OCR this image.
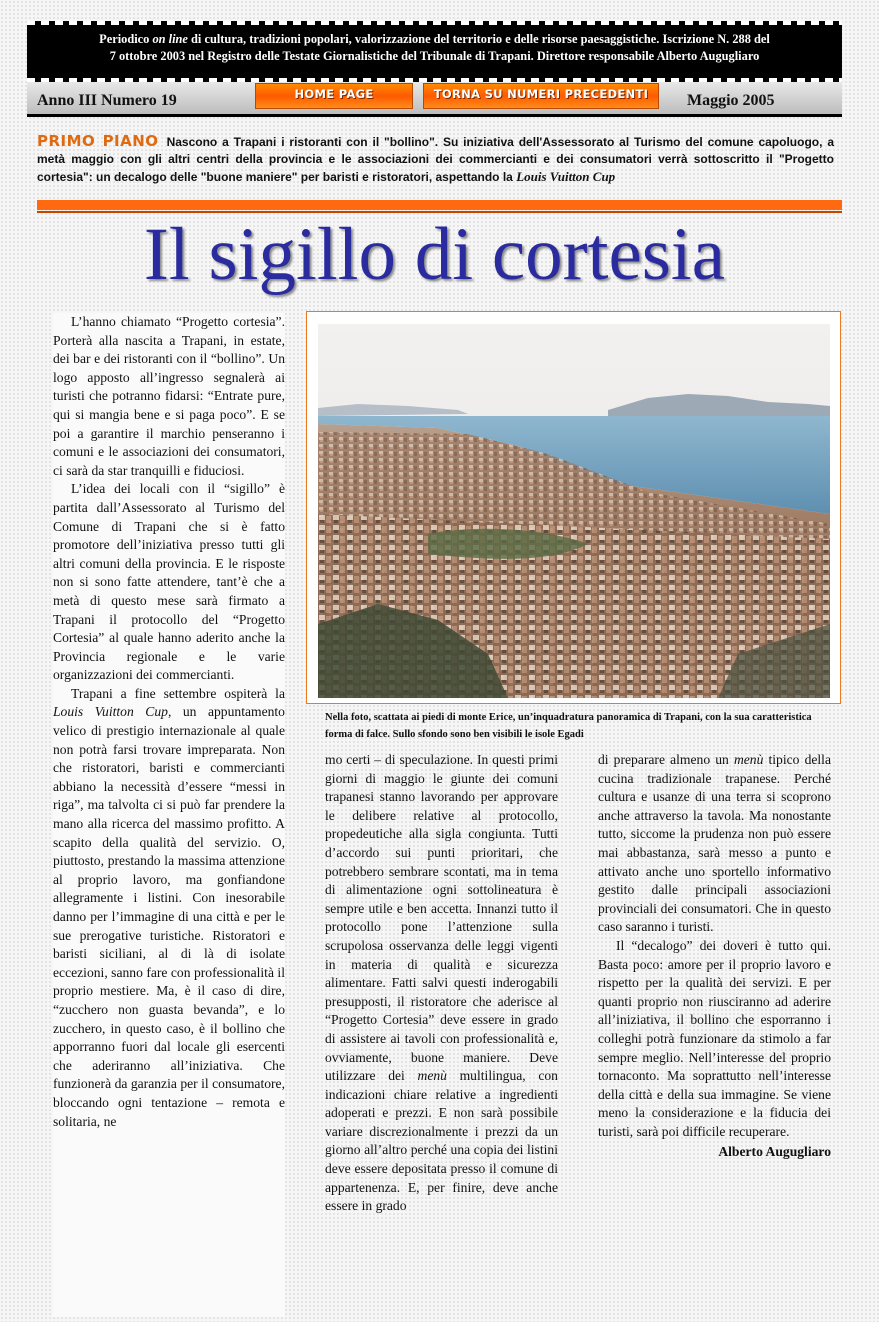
Periodico on line di cultura, tradizioni popolari, valorizzazione del territorio e delle risorse paesaggistiche. Iscrizione N. 288 del
7 ottobre 2003 nel Registro delle Testate Giornalistiche del Tribunale di Trapani. Direttore responsabile Alberto Augugliaro
Anno III Numero 19	HOME PAGE	TORNA SU NUMERI PRECEDENTI	Maggio 2005
PRIMO PIANO Nascono a Trapani i ristoranti con il "bollino". Su iniziativa dell'Assessorato al Turismo del comune capoluogo, a metà maggio con gli altri centri della provincia e le associazioni dei commercianti e dei consumatori verrà sottoscritto il "Progetto cortesia": un decalogo delle "buone maniere" per baristi e ristoratori, aspettando la Louis Vuitton Cup
Il sigillo di cortesia

L’hanno chiamato “Progetto cortesia”. Porterà alla nascita a Trapani, in estate, dei bar e dei ristoranti con il “bollino”. Un logo apposto all’ingresso segnalerà ai turisti che potranno fidarsi: “Entrate pure, qui si mangia bene e si paga poco”. E se poi a garantire il marchio penseranno i comuni e le associazioni dei consumatori, ci sarà da star tranquilli e fiduciosi.

L’idea dei locali con il “sigillo” è partita dall’Assessorato al Turismo del Comune di Trapani che si è fatto promotore dell’iniziativa presso tutti gli altri comuni della provincia. E le risposte non si sono fatte attendere, tant’è che a metà di questo mese sarà firmato a Trapani il protocollo del “Progetto Cortesia” al quale hanno aderito anche la Provincia regionale e le varie organizzazioni dei commercianti.

Trapani a fine settembre ospiterà la Louis Vuitton Cup, un appuntamento velico di prestigio internazionale al quale non potrà farsi trovare impreparata. Non che ristoratori, baristi e commercianti abbiano la necessità d’essere “messi in riga”, ma talvolta ci si può far prendere la mano alla ricerca del massimo profitto. A scapito della qualità del servizio. O, piuttosto, prestando la massima attenzione al proprio lavoro, ma gonfiandone allegramente i listini. Con inesorabile danno per l’immagine di una città e per le sue prerogative turistiche. Ristoratori e baristi siciliani, al di là di isolate eccezioni, sanno fare con professionalità il proprio mestiere. Ma, è il caso di dire, “zucchero non guasta bevanda”, e lo zucchero, in questo caso, è il bollino che apporranno fuori dal locale gli esercenti che aderiranno all’iniziativa. Che funzionerà da garanzia per il consumatore, bloccando ogni tentazione – remota e solitaria, ne

Nella foto, scattata ai piedi di monte Erice, un’inquadratura panoramica di Trapani, con la sua caratteristica forma di falce. Sullo sfondo sono ben visibili le isole Egadi

mo certi – di speculazione. In questi primi giorni di maggio le giunte dei comuni trapanesi stanno lavorando per approvare le delibere relative al protocollo, propedeutiche alla sigla congiunta. Tutti d’accordo sui punti prioritari, che potrebbero sembrare scontati, ma in tema di alimentazione ogni sottolineatura è sempre utile e ben accetta. Innanzi tutto il protocollo pone l’attenzione sulla scrupolosa osservanza delle leggi vigenti in materia di qualità e sicurezza alimentare. Fatti salvi questi inderogabili presupposti, il ristoratore che aderisce al “Progetto Cortesia” deve essere in grado di assistere ai tavoli con professionalità e, ovviamente, buone maniere. Deve utilizzare dei menù multilingua, con indicazioni chiare relative a ingredienti adoperati e prezzi. E non sarà possibile variare discrezionalmente i prezzi da un giorno all’altro perché una copia dei listini deve essere depositata presso il comune di appartenenza. E, per finire, deve anche essere in grado

di preparare almeno un menù tipico della cucina tradizionale trapanese. Perché cultura e usanze di una terra si scoprono anche attraverso la tavola. Ma nonostante tutto, siccome la prudenza non può essere mai abbastanza, sarà messo a punto e attivato anche uno sportello informativo gestito dalle principali associazioni provinciali dei consumatori. Che in questo caso saranno i turisti.

Il “decalogo” dei doveri è tutto qui. Basta poco: amore per il proprio lavoro e rispetto per la qualità dei servizi. E per quanti proprio non riusciranno ad aderire all’iniziativa, il bollino che esporranno i colleghi potrà funzionare da stimolo a far sempre meglio. Nell’interesse del proprio tornaconto. Ma soprattutto nell’interesse della città e della sua immagine. Se viene meno la considerazione e la fiducia dei turisti, sarà poi difficile recuperare.

Alberto Augugliaro
